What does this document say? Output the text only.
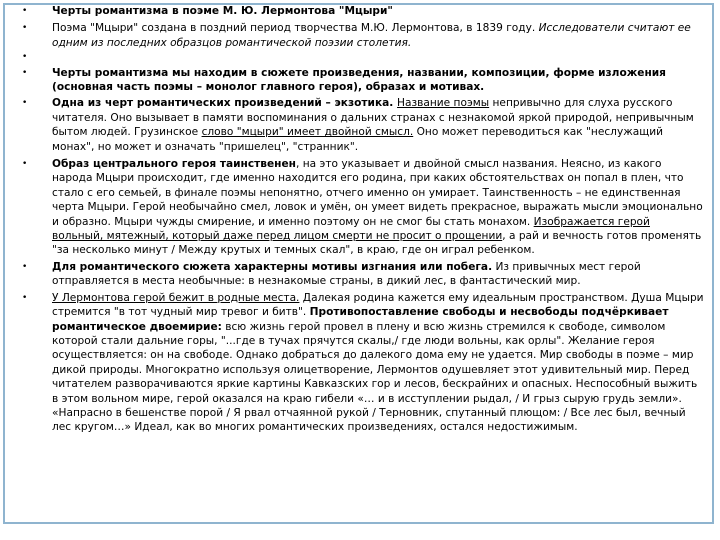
• Черты романтизма в поэме М. Ю. Лермонтова "Мцыри"
• Поэма "Мцыри" создана в поздний период творчества М.Ю. Лермонтова, в 1839 году. Исследователи считают ее одним из последних образцов романтической поэзии столетия.
•
• Черты романтизма мы находим в сюжете произведения, названии, композиции, форме изложения (основная часть поэмы – монолог главного героя), образах и мотивах.
• Одна из черт романтических произведений – экзотика. Название поэмы непривычно для слуха русского читателя. Оно вызывает в памяти воспоминания о дальних странах с незнакомой яркой природой, непривычным бытом людей. Грузинское слово "мцыри" имеет двойной смысл. Оно может переводиться как "неслужащий монах", но может и означать "пришелец", "странник".
• Образ центрального героя таинственен, на это указывает и двойной смысл названия. Неясно, из какого народа Мцыри происходит, где именно находится его родина, при каких обстоятельствах он попал в плен, что стало с его семьей, в финале поэмы непонятно, отчего именно он умирает. Таинственность – не единственная черта Мцыри. Герой необычайно смел, ловок и умён, он умеет видеть прекрасное, выражать мысли эмоционально и образно. Мцыри чужды смирение, и именно поэтому он не смог бы стать монахом. Изображается герой вольный, мятежный, который даже перед лицом смерти не просит о прощении, а рай и вечность готов променять "за несколько минут / Между крутых и темных скал", в краю, где он играл ребенком.
• Для романтического сюжета характерны мотивы изгнания или побега. Из привычных мест герой отправляется в места необычные: в незнакомые страны, в дикий лес, в фантастический мир.
• У Лермонтова герой бежит в родные места. Далекая родина кажется ему идеальным пространством. Душа Мцыри стремится "в тот чудный мир тревог и битв". Противопоставление свободы и несвободы подчёркивает романтическое двоемирие: всю жизнь герой провел в плену и всю жизнь стремился к свободе, символом которой стали дальние горы, "...где в тучах прячутся скалы,/ где люди вольны, как орлы". Желание героя осуществляется: он на свободе. Однако добраться до далекого дома ему не удается. Мир свободы в поэме – мир дикой природы. Многократно используя олицетворение, Лермонтов одушевляет этот удивительный мир. Перед читателем разворачиваются яркие картины Кавказских гор и лесов, бескрайних и опасных. Неспособный выжить в этом вольном мире, герой оказался на краю гибели «… и в исступлении рыдал, / И грыз сырую грудь земли». «Напрасно в бешенстве порой / Я рвал отчаянной рукой / Терновник, спутанный плющом: / Все лес был, вечный лес кругом…» Идеал, как во многих романтических произведениях, остался недостижимым.
